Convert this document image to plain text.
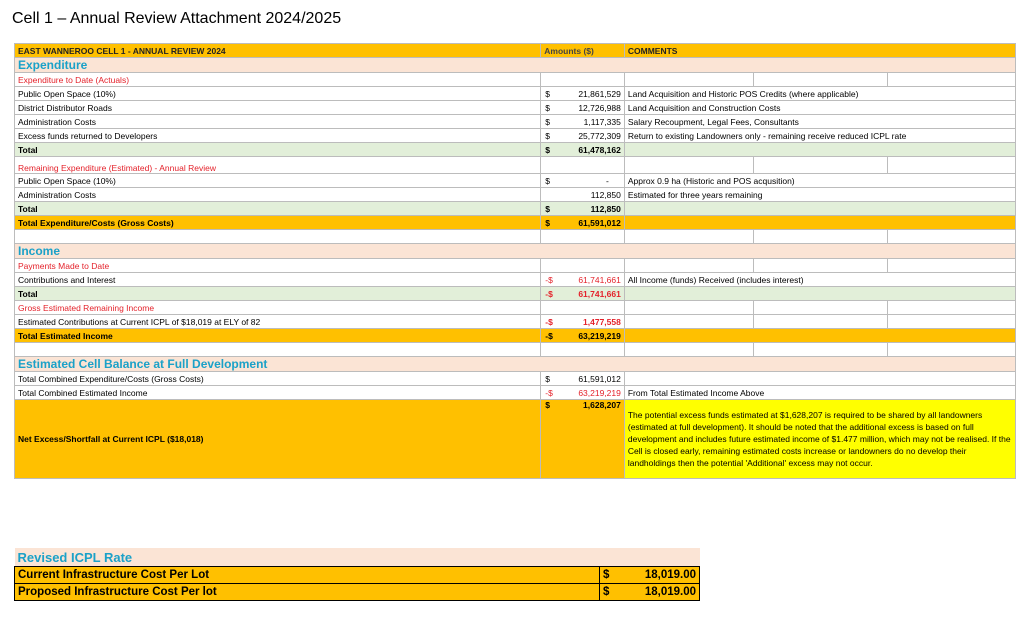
Cell 1 – Annual Review Attachment 2024/2025
EAST WANNEROO CELL 1 - ANNUAL REVIEW 2024	Amounts ($)	COMMENTS		
Expenditure				
Expenditure to Date (Actuals)				
Public Open Space (10%)	$ 21,861,529	Land Acquisition and Historic POS Credits (where applicable)		
District Distributor Roads	$ 12,726,988	Land Acquisition and Construction Costs		
Administration Costs	$ 1,117,335	Salary Recoupment, Legal Fees, Consultants		
Excess funds returned to Developers	$ 25,772,309	Return to existing Landowners only - remaining receive reduced ICPL rate		
Total	$ 61,478,162			

Remaining Expenditure (Estimated) - Annual Review				
Public Open Space (10%)	$ -	Approx 0.9 ha (Historic and POS acqusition)		
Administration Costs	112,850	Estimated for three years remaining		
Total	$ 112,850			

Total Expenditure/Costs (Gross Costs)	$ 61,591,012			

Income				
Payments Made to Date				
Contributions and Interest	-$ 61,741,661	All Income (funds) Received (includes interest)		
Total	-$ 61,741,661			

Gross Estimated Remaining Income				
Estimated Contributions at Current ICPL of $18,019 at ELY of 82	-$ 1,477,558			

Total Estimated Income	-$ 63,219,219			

Estimated Cell Balance at Full Development				
Total Combined Expenditure/Costs (Gross Costs)	$ 61,591,012			

Total Combined Estimated Income	-$ 63,219,219	From Total Estimated Income Above		
Net Excess/Shortfall at Current ICPL ($18,018)	$ 1,628,207	The potential excess funds estimated at $1,628,207 is required to be shared by all landowners (estimated at full development). It should be noted that the additional excess is based on full development and includes future estimated income of $1.477 million, which may not be realised. If the Cell is closed early, remaining estimated costs increase or landowners do no develop their landholdings then the potential 'Additional' excess may not occur.		
Revised ICPL Rate		
Current Infrastructure Cost Per Lot	$	18,019.00
Proposed Infrastructure Cost Per lot	$	18,019.00
